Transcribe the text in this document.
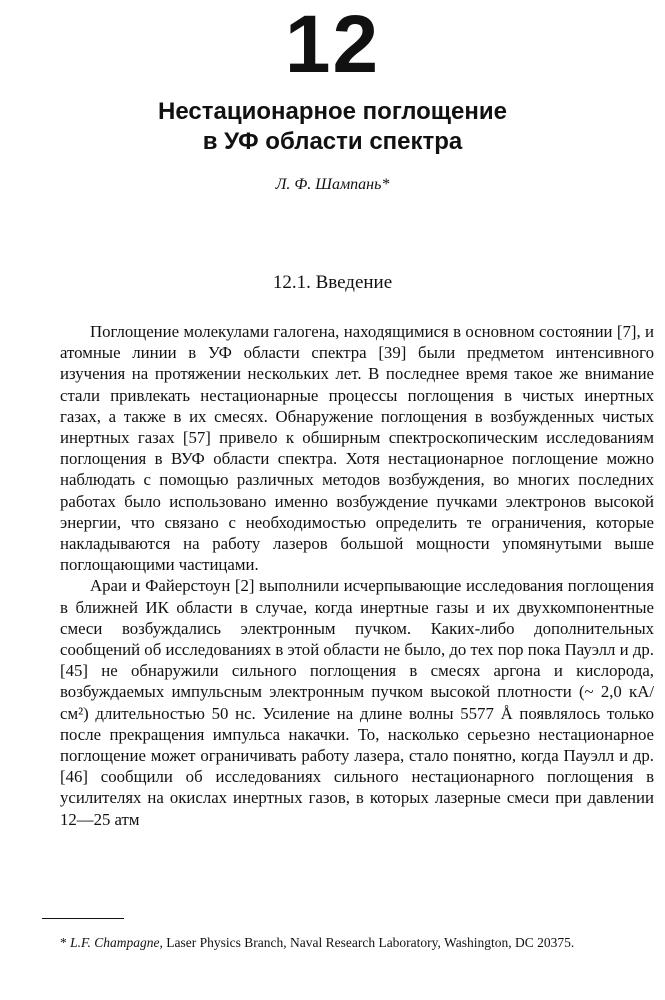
12
Нестационарное поглощение
в УФ области спектра
Л. Ф. Шампань*
12.1. Введение

Поглощение молекулами галогена, находящимися в основном состоянии [7], и атомные линии в УФ области спектра [39] были предметом интенсивного изучения на протяжении нескольких лет. В последнее время такое же внимание стали привлекать нестационарные процессы поглощения в чистых инертных газах, а также в их смесях. Обнаружение поглощения в возбужденных чистых инертных газах [57] привело к обширным спектроскопическим исследованиям поглощения в ВУФ области спектра. Хотя нестационарное поглощение можно наблюдать с помощью различных методов возбуждения, во многих последних работах было использовано именно возбуждение пучками электронов высокой энергии, что связано с необходимостью определить те ограничения, которые накладываются на работу лазеров большой мощности упомянутыми выше поглощающими частицами.

Араи и Файерстоун [2] выполнили исчерпывающие исследования поглощения в ближней ИК области в случае, когда инертные газы и их двухкомпонентные смеси возбуждались электронным пучком. Каких-либо дополнительных сообщений об исследованиях в этой области не было, до тех пор пока Пауэлл и др. [45] не обнаружили сильного поглощения в смесях аргона и кислорода, возбуждаемых импульсным электронным пучком высокой плотности (~ 2,0 кА/см²) длительностью 50 нс. Усиление на длине волны 5577 Å появлялось только после прекращения импульса накачки. То, насколько серьезно нестационарное поглощение может ограничивать работу лазера, стало понятно, когда Пауэлл и др. [46] сообщили об исследованиях сильного нестационарного поглощения в усилителях на окислах инертных газов, в которых лазерные смеси при давлении 12—25 атм

* L.F. Champagne, Laser Physics Branch, Naval Research Laboratory, Washington, DC 20375.
